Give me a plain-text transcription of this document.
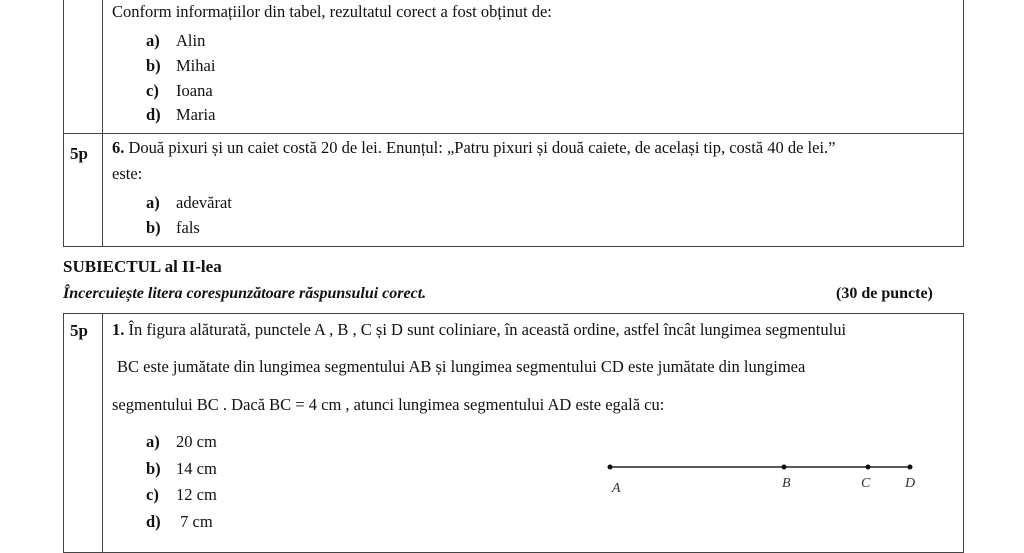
Conform informațiilor din tabel, rezultatul corect a fost obținut de:
a) Alin
b) Mihai
c) Ioana
d) Maria
5p 6. Două pixuri și un caiet costă 20 de lei. Enunțul: „Patru pixuri și două caiete, de același tip, costă 40 de lei.”
este:
a) adevărat
b) fals
SUBIECTUL al II-lea
Încercuiește litera corespunzătoare răspunsului corect.	(30 de puncte)
5p 1. În figura alăturată, punctele A , B , C și D sunt coliniare, în această ordine, astfel încât lungimea segmentului
BC este jumătate din lungimea segmentului AB și lungimea segmentului CD este jumătate din lungimea
segmentului BC . Dacă BC = 4 cm , atunci lungimea segmentului AD este egală cu:
a) 20 cm
b) 14 cm
c) 12 cm
d) 7 cm
A	B	C D
